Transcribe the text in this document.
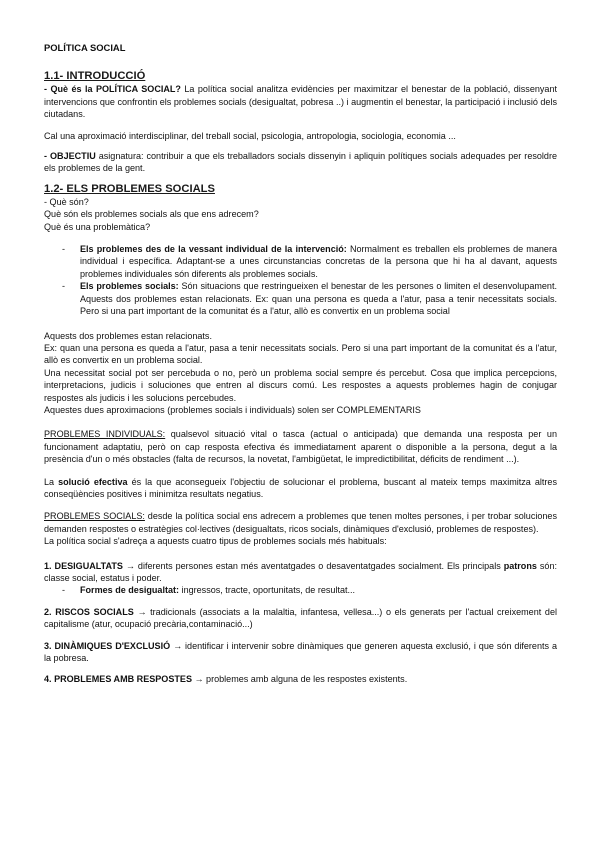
POLÍTICA SOCIAL

1.1- INTRODUCCIÓ

- Què és la POLÍTICA SOCIAL? La política social analitza evidències per maximitzar el benestar de la població, dissenyant intervencions que confrontin els problemes socials (desigualtat, pobresa ..) i augmentin el benestar, la participació i inclusió dels ciutadans.

Cal una aproximació interdisciplinar, del treball social, psicologia, antropologia, sociologia, economia ...

- OBJECTIU asignatura: contribuir a que els treballadors socials dissenyin i apliquin polítiques socials adequades per resoldre els problemes de la gent.

1.2- ELS PROBLEMES SOCIALS

- Què són?

Què són els problemes socials als que ens adrecem?

Què és una problemàtica?

- Els problemes des de la vessant individual de la intervenció: Normalment es treballen els problemes de manera individual i específica. Adaptant-se a unes circunstancias concretas de la persona que hi ha al davant, aquests problemes individuales són diferents als problemes socials.
- Els problemes socials: Són situacions que restringueixen el benestar de les persones o limiten el desenvolupament. Aquests dos problemes estan relacionats. Ex: quan una persona es queda a l'atur, pasa a tenir necessitats socials. Pero si una part important de la comunitat és a l'atur, allò es convertix en un problema social

Aquests dos problemes estan relacionats.

Ex: quan una persona es queda a l'atur, pasa a tenir necessitats socials. Pero si una part important de la comunitat és a l'atur, allò es convertix en un problema social.

Una necessitat social pot ser percebuda o no, però un problema social sempre és percebut. Cosa que implica percepcions, interpretacions, judicis i soluciones que entren al discurs comú. Les respostes a aquests problemes hagin de conjugar respostes als judicis i les solucions percebudes.

Aquestes dues aproximacions (problemes socials i individuals) solen ser COMPLEMENTARIS

PROBLEMES INDIVIDUALS: qualsevol situació vital o tasca (actual o anticipada) que demanda una resposta per un funcionament adaptatiu, però on cap resposta efectiva és immediatament aparent o disponible a la persona, degut a la presència d'un o més obstacles (falta de recursos, la novetat, l'ambigüetat, le impredictibilitat, déficits de rendiment ...).

La solució efectiva és la que aconsegueix l'objectiu de solucionar el problema, buscant al mateix temps maximitza altres conseqüències positives i minimitza resultats negatius.

PROBLEMES SOCIALS: desde la política social ens adrecem a problemes que tenen moltes persones, i per trobar soluciones demanden respostes o estratègies col·lectives (desigualtats, ricos socials, dinàmiques d'exclusió, problemes de respostes).

La política social s'adreça a aquests cuatro tipus de problemes socials més habituals:

1. DESIGUALTATS → diferents persones estan més aventatgades o desaventatgades socialment. Els principals patrons són: classe social, estatus i poder.

- Formes de desigualtat: ingressos, tracte, oportunitats, de resultat...

2. RISCOS SOCIALS → tradicionals (associats a la malaltia, infantesa, vellesa...) o els generats per l'actual creixement del capitalisme (atur, ocupació precària,contaminació...)

3. DINÀMIQUES D'EXCLUSIÓ → identificar i intervenir sobre dinàmiques que generen aquesta exclusió, i que són diferents a la pobresa.

4. PROBLEMES AMB RESPOSTES → problemes amb alguna de les respostes existents.
